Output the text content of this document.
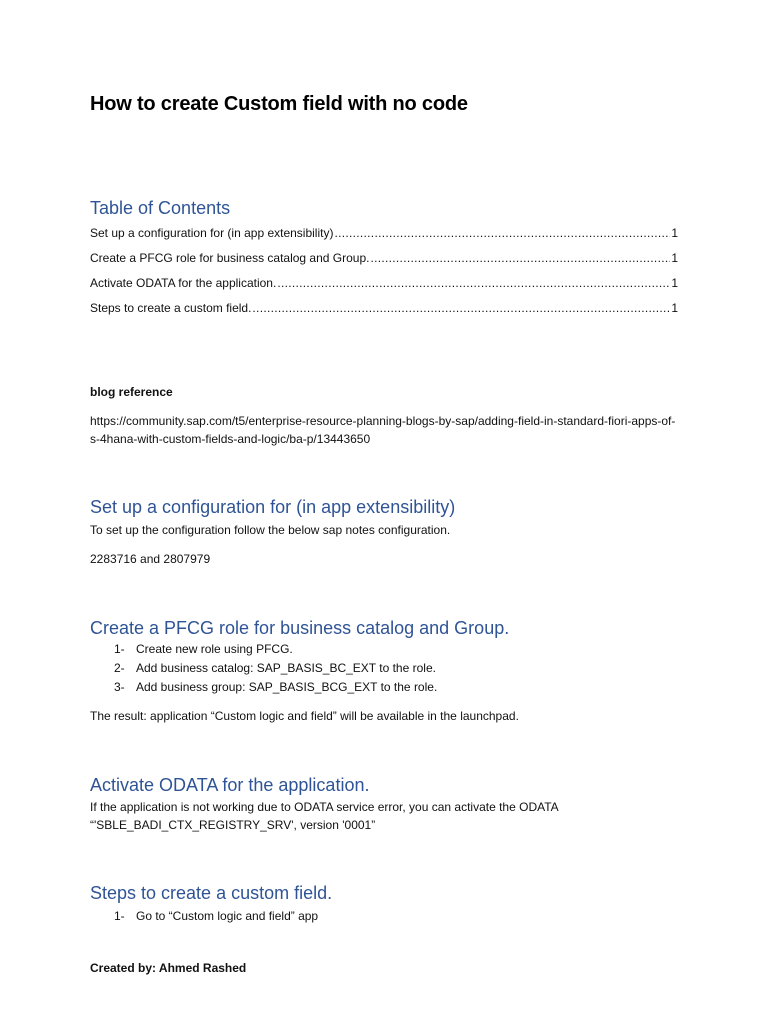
How to create Custom field with no code
Table of Contents
Set up a configuration for (in app extensibility) .....	1
Create a PFCG role for business catalog and Group. .....	1
Activate ODATA for the application. .....	1
Steps to create a custom field. .....	1
blog reference
https://community.sap.com/t5/enterprise-resource-planning-blogs-by-sap/adding-field-in-standard-fiori-apps-of-s-4hana-with-custom-fields-and-logic/ba-p/13443650
Set up a configuration for (in app extensibility)
To set up the configuration follow the below sap notes configuration.
2283716 and 2807979
Create a PFCG role for business catalog and Group.
1- Create new role using PFCG.
2- Add business catalog: SAP_BASIS_BC_EXT to the role.
3- Add business group: SAP_BASIS_BCG_EXT to the role.
The result: application “Custom logic and field” will be available in the launchpad.
Activate ODATA for the application.
If the application is not working due to ODATA service error, you can activate the ODATA “'SBLE_BADI_CTX_REGISTRY_SRV', version '0001”
Steps to create a custom field.
1- Go to “Custom logic and field” app
Created by: Ahmed Rashed
